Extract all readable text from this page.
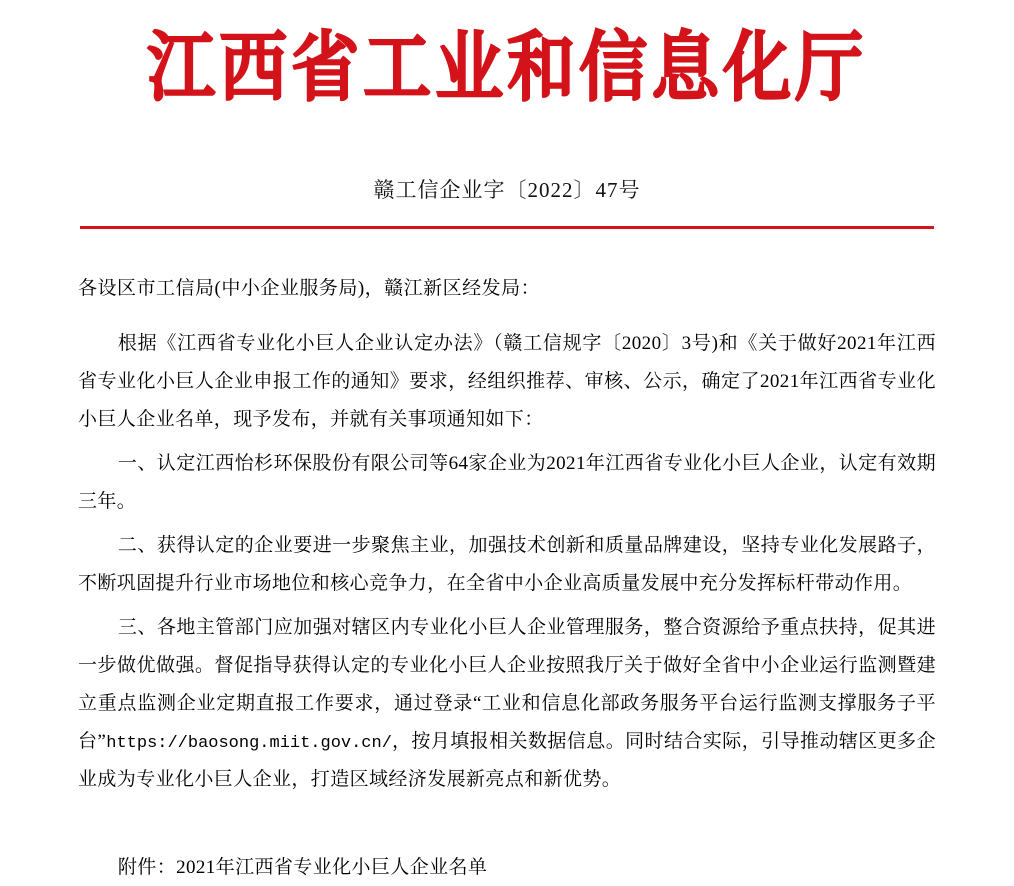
江西省工业和信息化厅
赣工信企业字〔2022〕47号
各设区市工信局(中小企业服务局)，赣江新区经发局：

根据《江西省专业化小巨人企业认定办法》（赣工信规字〔2020〕3号)和《关于做好2021年江西省专业化小巨人企业申报工作的通知》要求，经组织推荐、审核、公示，确定了2021年江西省专业化小巨人企业名单，现予发布，并就有关事项通知如下：

一、认定江西怡杉环保股份有限公司等64家企业为2021年江西省专业化小巨人企业，认定有效期三年。

二、获得认定的企业要进一步聚焦主业，加强技术创新和质量品牌建设，坚持专业化发展路子，不断巩固提升行业市场地位和核心竞争力，在全省中小企业高质量发展中充分发挥标杆带动作用。

三、各地主管部门应加强对辖区内专业化小巨人企业管理服务，整合资源给予重点扶持，促其进一步做优做强。督促指导获得认定的专业化小巨人企业按照我厅关于做好全省中小企业运行监测暨建立重点监测企业定期直报工作要求，通过登录“工业和信息化部政务服务平台运行监测支撑服务子平台”https://baosong.miit.gov.cn/，按月填报相关数据信息。同时结合实际，引导推动辖区更多企业成为专业化小巨人企业，打造区域经济发展新亮点和新优势。

附件：2021年江西省专业化小巨人企业名单
